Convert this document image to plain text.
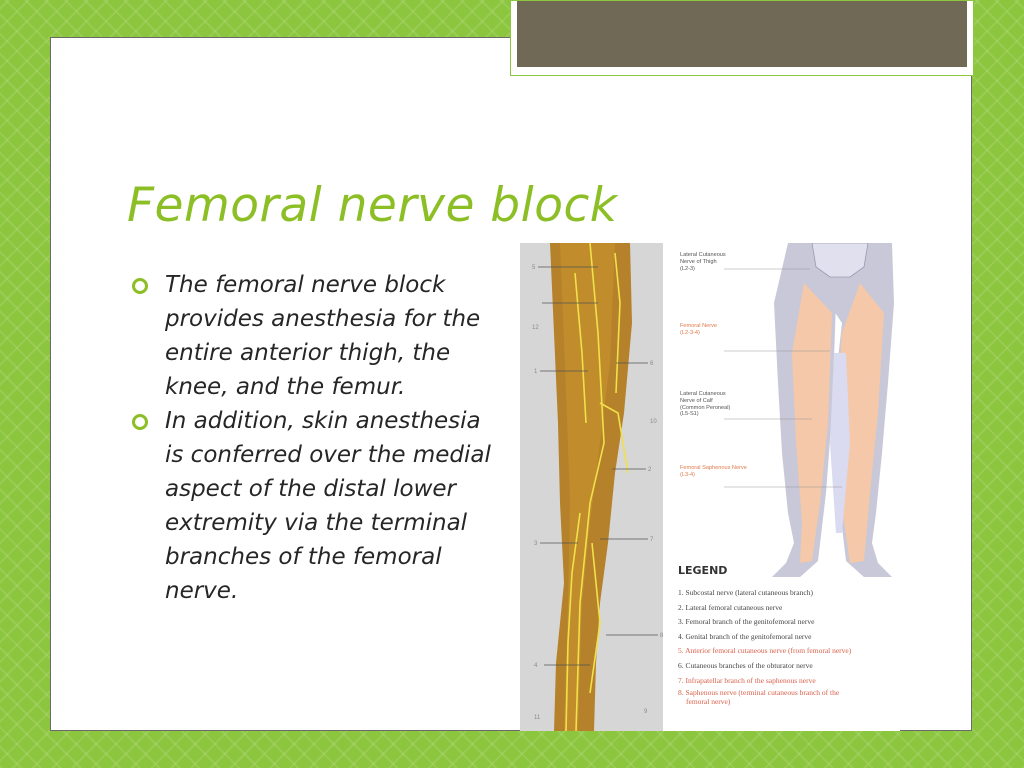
Femoral nerve block
The femoral nerve block provides anesthesia for the entire anterior thigh, the knee, and the femur.
In addition, skin anesthesia is conferred over the medial aspect of the distal lower extremity via the terminal branches of the femoral nerve.
5
1
6
2
7
3
8
4
9
10
11
12
Lateral Cutaneous
Nerve of Thigh
(L2-3)
Femoral Nerve
(L2-3-4)
Lateral Cutaneous
Nerve of Calf
(Common Peroneal)
(L5-S1)
Femoral Saphenous Nerve
(L3-4)

LEGEND

1. Subcostal nerve (lateral cutaneous branch)
2. Lateral femoral cutaneous nerve
3. Femoral branch of the genitofemoral nerve
4. Genital branch of the genitofemoral nerve
5. Anterior femoral cutaneous nerve (from femoral nerve)
6. Cutaneous branches of the obturator nerve
7. Infrapatellar branch of the saphenous nerve
8. Saphenous nerve (terminal cutaneous branch of the
femoral nerve)
